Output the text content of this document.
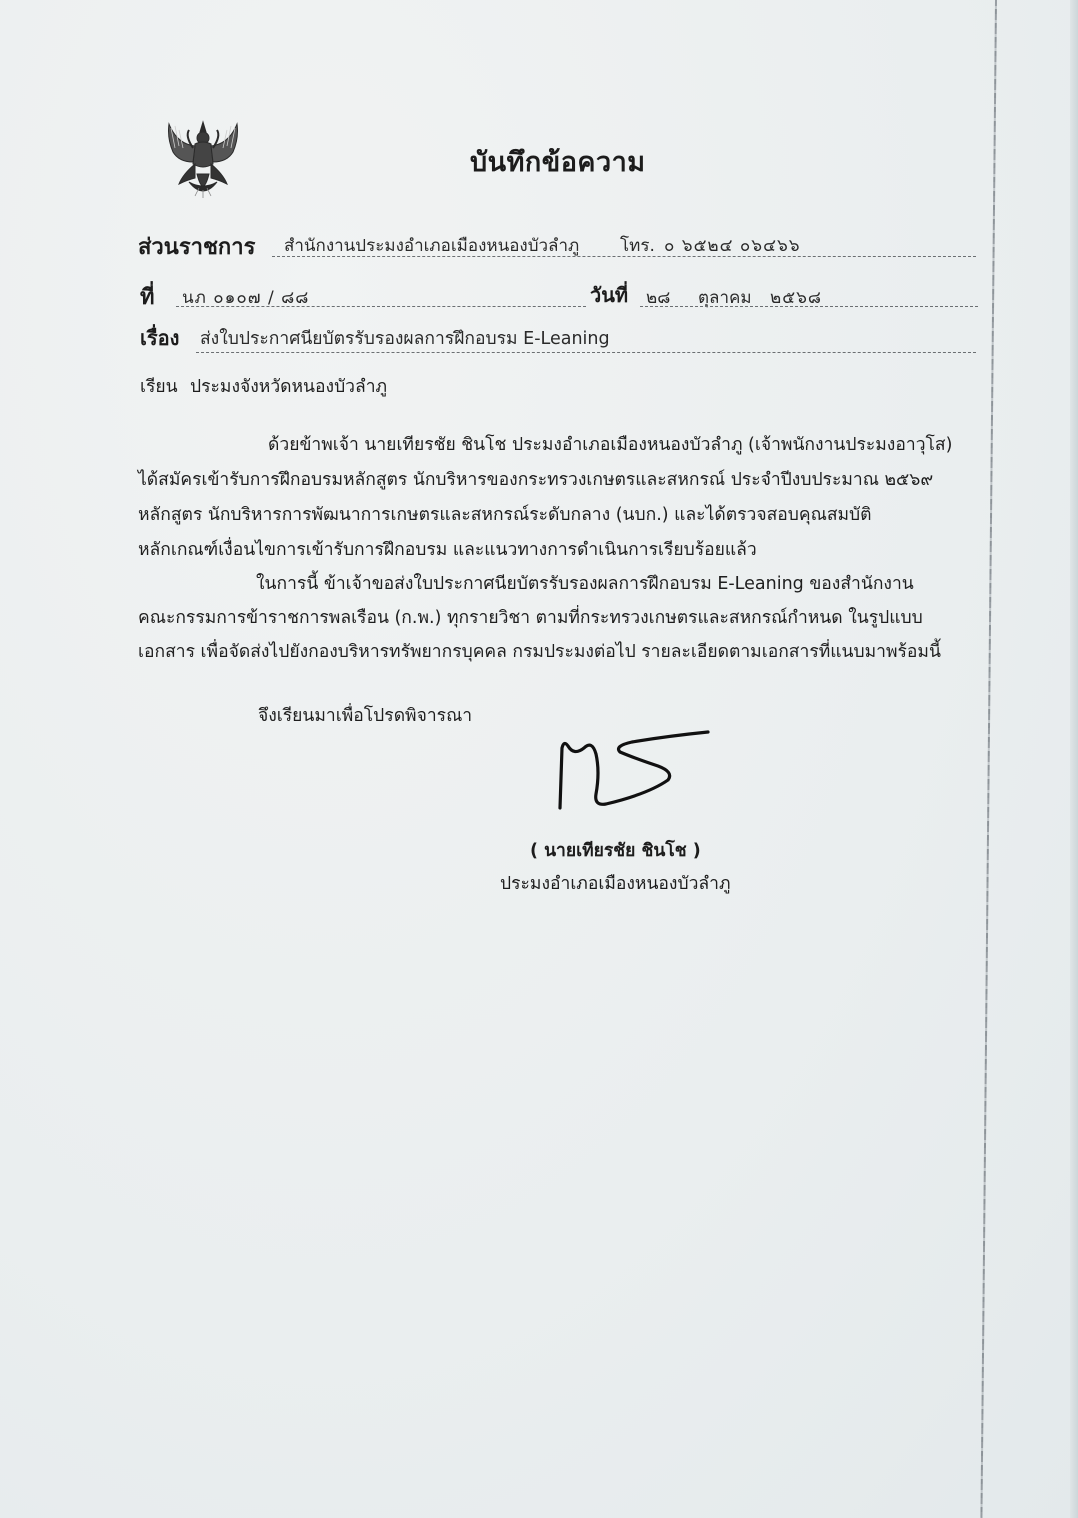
บันทึกข้อความ
ส่วนราชการ สำนักงานประมงอำเภอเมืองหนองบัวลำภู โทร. ๐ ๖๕๒๔ ๐๖๔๖๖
ที่ นภ ๐๑๐๗ / ๘๘	วันที่ ๒๘ ตุลาคม ๒๕๖๘
เรื่อง ส่งใบประกาศนียบัตรรับรองผลการฝึกอบรม E-Leaning
เรียน ประมงจังหวัดหนองบัวลำภู
ด้วยข้าพเจ้า นายเทียรชัย ชินโช ประมงอำเภอเมืองหนองบัวลำภู (เจ้าพนักงานประมงอาวุโส)
ได้สมัครเข้ารับการฝึกอบรมหลักสูตร นักบริหารของกระทรวงเกษตรและสหกรณ์ ประจำปีงบประมาณ ๒๕๖๙
หลักสูตร นักบริหารการพัฒนาการเกษตรและสหกรณ์ระดับกลาง (นบก.) และได้ตรวจสอบคุณสมบัติ
หลักเกณฑ์เงื่อนไขการเข้ารับการฝึกอบรม และแนวทางการดำเนินการเรียบร้อยแล้ว
ในการนี้ ข้าเจ้าขอส่งใบประกาศนียบัตรรับรองผลการฝึกอบรม E-Leaning ของสำนักงาน
คณะกรรมการข้าราชการพลเรือน (ก.พ.) ทุกรายวิชา ตามที่กระทรวงเกษตรและสหกรณ์กำหนด ในรูปแบบ
เอกสาร เพื่อจัดส่งไปยังกองบริหารทรัพยากรบุคคล กรมประมงต่อไป รายละเอียดตามเอกสารที่แนบมาพร้อมนี้
จึงเรียนมาเพื่อโปรดพิจารณา
( นายเทียรชัย ชินโช )
ประมงอำเภอเมืองหนองบัวลำภู
